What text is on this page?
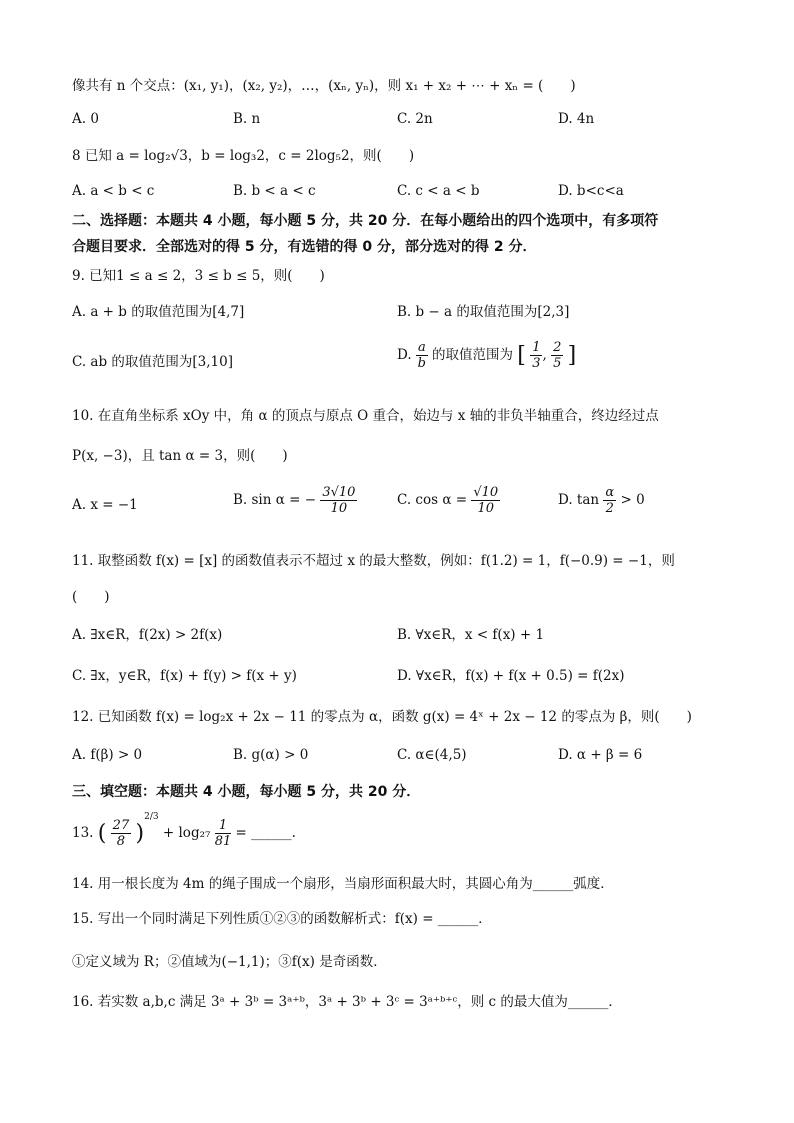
像共有 n 个交点：(x₁, y₁)，(x₂, y₂)，…，(xₙ, yₙ)，则 x₁ + x₂ + ⋯ + xₙ = (　　)
A. 0	B. n	C. 2n	D. 4n
8 已知 a = log₂√3，b = log₃2，c = 2log₅2，则(　　)
A. a < b < c	B. b < a < c	C. c < a < b	D. b<c<a
二、选择题：本题共 4 小题，每小题 5 分，共 20 分．在每小题给出的四个选项中，有多项符
合题目要求．全部选对的得 5 分，有选错的得 0 分，部分选对的得 2 分．
9. 已知1 ≤ a ≤ 2，3 ≤ b ≤ 5，则(　　)
A. a + b 的取值范围为[4,7]	B. b − a 的取值范围为[2,3]
C. ab 的取值范围为[3,10]	D. $\frac{a}{b}$ 的取值范围为 [ $\frac{1}{3}$ , $\frac{2}{5}$ ]
10. 在直角坐标系 xOy 中，角 α 的顶点与原点 O 重合，始边与 x 轴的非负半轴重合，终边经过点
P(x, −3)，且 tan α = 3，则(　　)
A. x = −1	B. sin α = − $\frac{3√10}{10}$	C. $\cos \alpha = \frac{√10}{10}$	D. $\tan \frac{\alpha}{2} > 0$
11. 取整函数 f(x) = [x] 的函数值表示不超过 x 的最大整数，例如：f(1.2) = 1，f(−0.9) = −1，则
(　　)
A. ∃x∈R，f(2x) > 2f(x)	B. ∀x∈R，x < f(x) + 1
C. ∃x，y∈R，f(x) + f(y) > f(x + y)	D. ∀x∈R，f(x) + f(x + 0.5) = f(2x)
12. 已知函数 f(x) = log₂x + 2x − 11 的零点为 α，函数 g(x) = 4ˣ + 2x − 12 的零点为 β，则(　　)
A. f(β) > 0	B. g(α) > 0	C. α∈(4,5)	D. α + β = 6
三、填空题：本题共 4 小题，每小题 5 分，共 20 分．
13. ( $\frac{27}{8} )^{2/3} + \log_{27} \frac{1}{81}$ = ______.
14. 用一根长度为 4m 的绳子围成一个扇形，当扇形面积最大时，其圆心角为______弧度．
15. 写出一个同时满足下列性质①②③的函数解析式：f(x) = ______．
①定义域为 R；②值域为(−1,1)；③f(x) 是奇函数．
16. 若实数 a,b,c 满足 3ᵃ + 3ᵇ = 3ᵃ⁺ᵇ，3ᵃ + 3ᵇ + 3ᶜ = 3ᵃ⁺ᵇ⁺ᶜ，则 c 的最大值为______．
